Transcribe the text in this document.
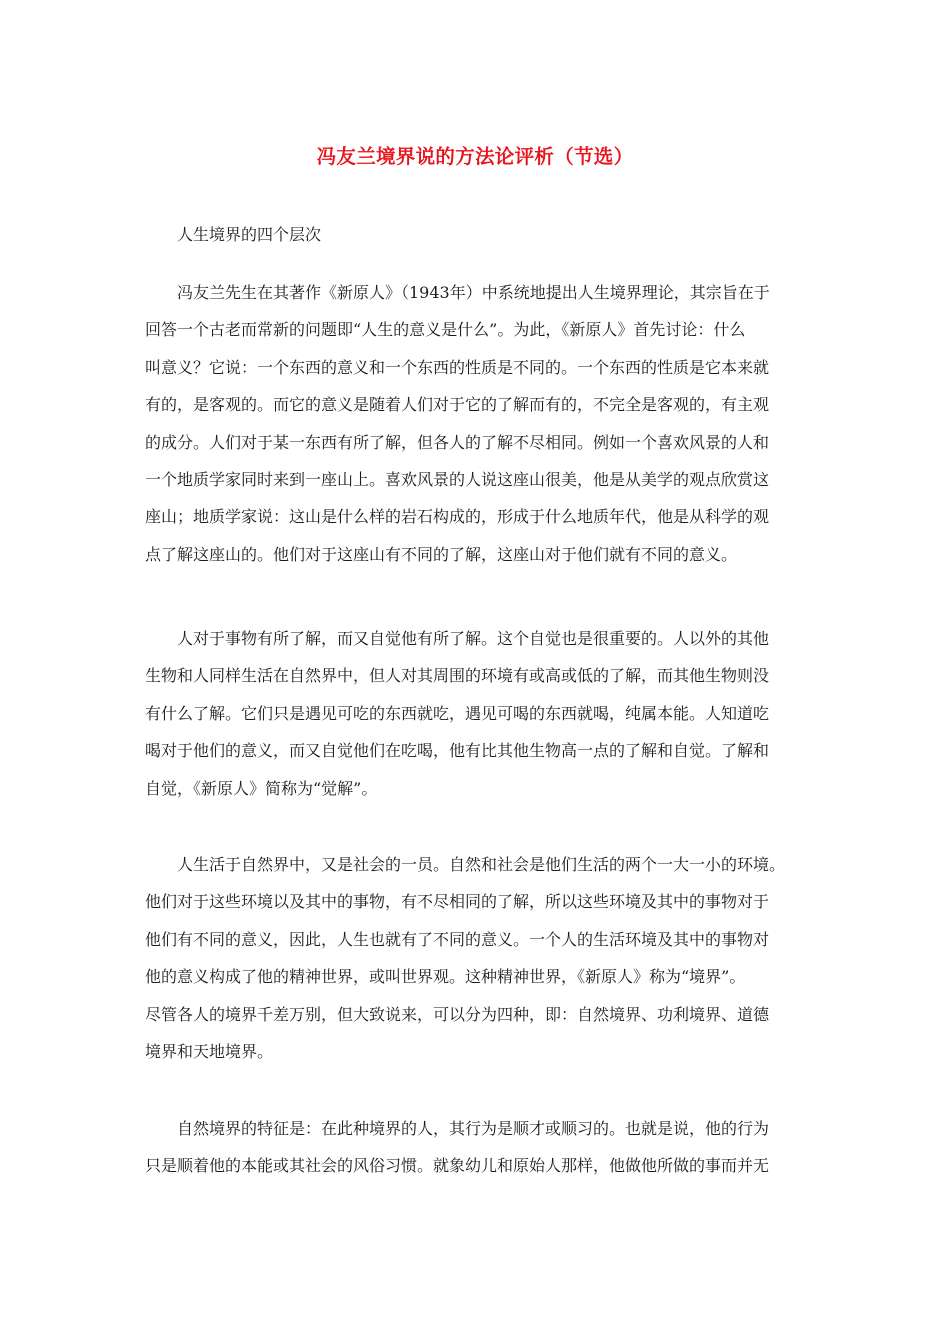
冯友兰境界说的方法论评析（节选）
人生境界的四个层次
冯友兰先生在其著作《新原人》（1943年）中系统地提出人生境界理论，其宗旨在于
回答一个古老而常新的问题即“人生的意义是什么”。为此，《新原人》首先讨论：什么
叫意义？它说：一个东西的意义和一个东西的性质是不同的。一个东西的性质是它本来就
有的，是客观的。而它的意义是随着人们对于它的了解而有的，不完全是客观的，有主观
的成分。人们对于某一东西有所了解，但各人的了解不尽相同。例如一个喜欢风景的人和
一个地质学家同时来到一座山上。喜欢风景的人说这座山很美，他是从美学的观点欣赏这
座山；地质学家说：这山是什么样的岩石构成的，形成于什么地质年代，他是从科学的观
点了解这座山的。他们对于这座山有不同的了解，这座山对于他们就有不同的意义。
人对于事物有所了解，而又自觉他有所了解。这个自觉也是很重要的。人以外的其他
生物和人同样生活在自然界中，但人对其周围的环境有或高或低的了解，而其他生物则没
有什么了解。它们只是遇见可吃的东西就吃，遇见可喝的东西就喝，纯属本能。人知道吃
喝对于他们的意义，而又自觉他们在吃喝，他有比其他生物高一点的了解和自觉。了解和
自觉，《新原人》简称为“觉解”。
人生活于自然界中，又是社会的一员。自然和社会是他们生活的两个一大一小的环境。
他们对于这些环境以及其中的事物，有不尽相同的了解，所以这些环境及其中的事物对于
他们有不同的意义，因此，人生也就有了不同的意义。一个人的生活环境及其中的事物对
他的意义构成了他的精神世界，或叫世界观。这种精神世界，《新原人》称为“境界”。
尽管各人的境界千差万别，但大致说来，可以分为四种，即：自然境界、功利境界、道德
境界和天地境界。
自然境界的特征是：在此种境界的人，其行为是顺才或顺习的。也就是说，他的行为
只是顺着他的本能或其社会的风俗习惯。就象幼儿和原始人那样，他做他所做的事而并无
